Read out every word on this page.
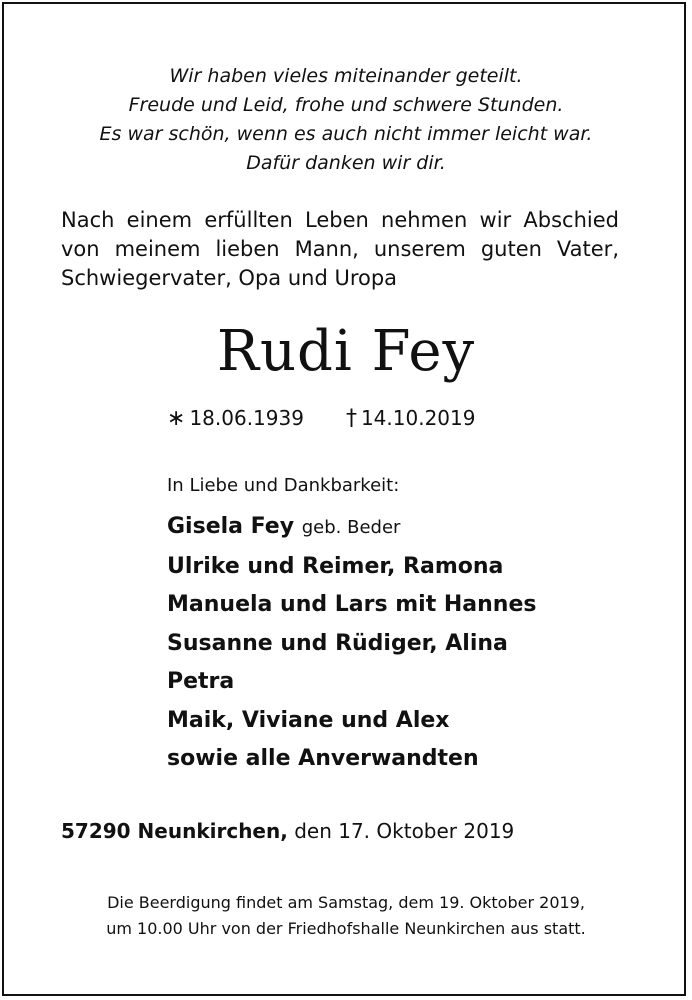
Wir haben vieles miteinander geteilt.
Freude und Leid, frohe und schwere Stunden.
Es war schön, wenn es auch nicht immer leicht war.
Dafür danken wir dir.
Nach einem erfüllten Leben nehmen wir Abschied von meinem lieben Mann, unserem guten Vater, Schwiegervater, Opa und Uropa
Rudi Fey
∗ 18.06.1939 † 14.10.2019
In Liebe und Dankbarkeit:
Gisela Fey geb. Beder
Ulrike und Reimer, Ramona
Manuela und Lars mit Hannes
Susanne und Rüdiger, Alina
Petra
Maik, Viviane und Alex
sowie alle Anverwandten
57290 Neunkirchen, den 17. Oktober 2019
Die Beerdigung findet am Samstag, dem 19. Oktober 2019,
um 10.00 Uhr von der Friedhofshalle Neunkirchen aus statt.
